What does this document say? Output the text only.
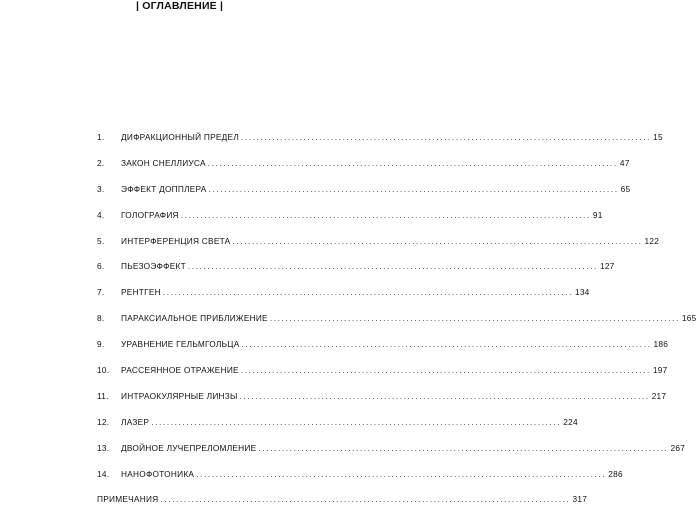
| ОГЛАВЛЕНИЕ |
1.	ДИФРАКЦИОННЫЙ ПРЕДЕЛ ......................................................................................................... 15
2.	ЗАКОН СНЕЛЛИУСА ......................................................................................................... 47
3.	ЭФФЕКТ ДОППЛЕРА ......................................................................................................... 65
4.	ГОЛОГРАФИЯ ......................................................................................................... 91
5.	ИНТЕРФЕРЕНЦИЯ СВЕТА ......................................................................................................... 122
6.	ПЬЕЗОЭФФЕКТ ......................................................................................................... 127
7.	РЕНТГЕН ......................................................................................................... 134
8.	ПАРАКСИАЛЬНОЕ ПРИБЛИЖЕНИЕ ......................................................................................................... 165
9.	УРАВНЕНИЕ ГЕЛЬМГОЛЬЦА ......................................................................................................... 186
10.	РАССЕЯННОЕ ОТРАЖЕНИЕ ......................................................................................................... 197
11.	ИНТРАОКУЛЯРНЫЕ ЛИНЗЫ ......................................................................................................... 217
12.	ЛАЗЕР ......................................................................................................... 224
13.	ДВОЙНОЕ ЛУЧЕПРЕЛОМЛЕНИЕ ......................................................................................................... 267
14.	НАНОФОТОНИКА ......................................................................................................... 286
ПРИМЕЧАНИЯ ......................................................................................................... 317
